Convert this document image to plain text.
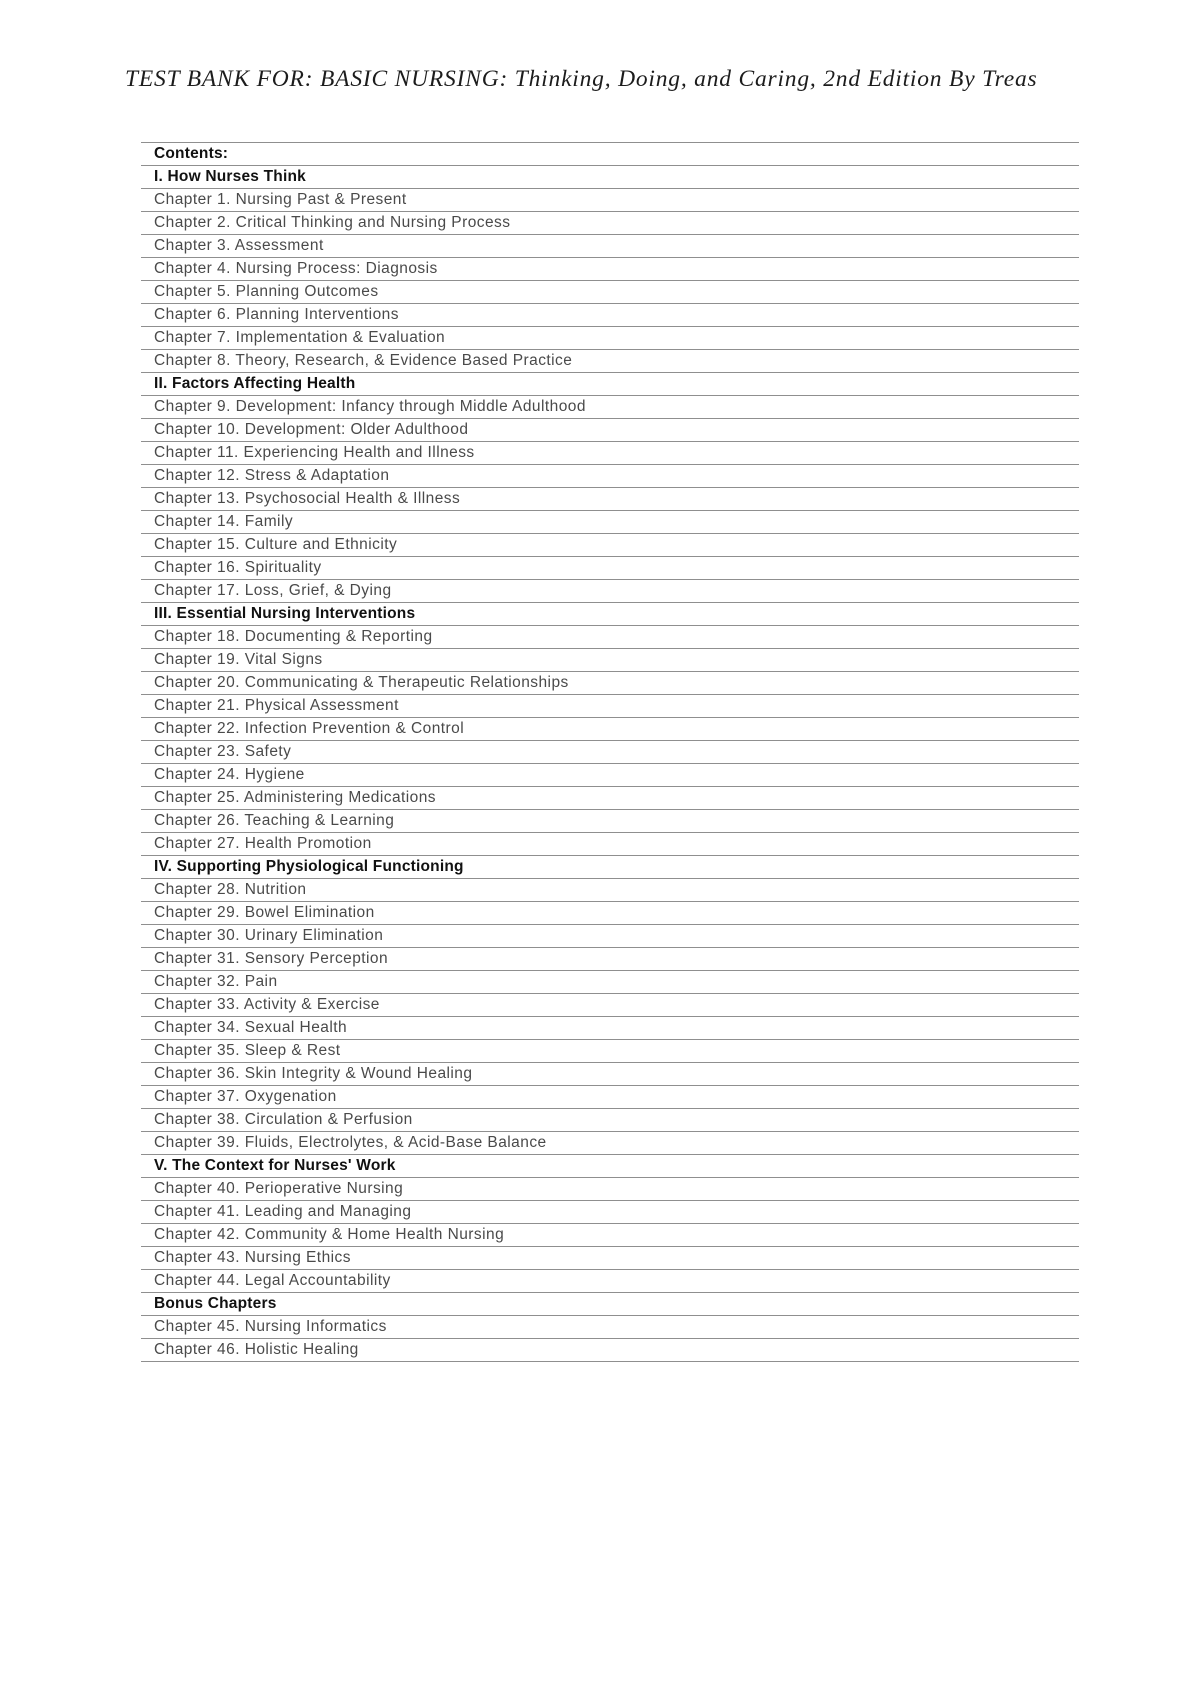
TEST BANK FOR: BASIC NURSING: Thinking, Doing, and Caring, 2nd Edition By Treas
Contents:
I. How Nurses Think
Chapter 1. Nursing Past & Present
Chapter 2. Critical Thinking and Nursing Process
Chapter 3. Assessment
Chapter 4. Nursing Process: Diagnosis
Chapter 5. Planning Outcomes
Chapter 6. Planning Interventions
Chapter 7. Implementation & Evaluation
Chapter 8. Theory, Research, & Evidence Based Practice
II. Factors Affecting Health
Chapter 9. Development: Infancy through Middle Adulthood
Chapter 10. Development: Older Adulthood
Chapter 11. Experiencing Health and Illness
Chapter 12. Stress & Adaptation
Chapter 13. Psychosocial Health & Illness
Chapter 14. Family
Chapter 15. Culture and Ethnicity
Chapter 16. Spirituality
Chapter 17. Loss, Grief, & Dying
III. Essential Nursing Interventions
Chapter 18. Documenting & Reporting
Chapter 19. Vital Signs
Chapter 20. Communicating & Therapeutic Relationships
Chapter 21. Physical Assessment
Chapter 22. Infection Prevention & Control
Chapter 23. Safety
Chapter 24. Hygiene
Chapter 25. Administering Medications
Chapter 26. Teaching & Learning
Chapter 27. Health Promotion
IV. Supporting Physiological Functioning
Chapter 28. Nutrition
Chapter 29. Bowel Elimination
Chapter 30. Urinary Elimination
Chapter 31. Sensory Perception
Chapter 32. Pain
Chapter 33. Activity & Exercise
Chapter 34. Sexual Health
Chapter 35. Sleep & Rest
Chapter 36. Skin Integrity & Wound Healing
Chapter 37. Oxygenation
Chapter 38. Circulation & Perfusion
Chapter 39. Fluids, Electrolytes, & Acid-Base Balance
V. The Context for Nurses' Work
Chapter 40. Perioperative Nursing
Chapter 41. Leading and Managing
Chapter 42. Community & Home Health Nursing
Chapter 43. Nursing Ethics
Chapter 44. Legal Accountability
Bonus Chapters
Chapter 45. Nursing Informatics
Chapter 46. Holistic Healing
